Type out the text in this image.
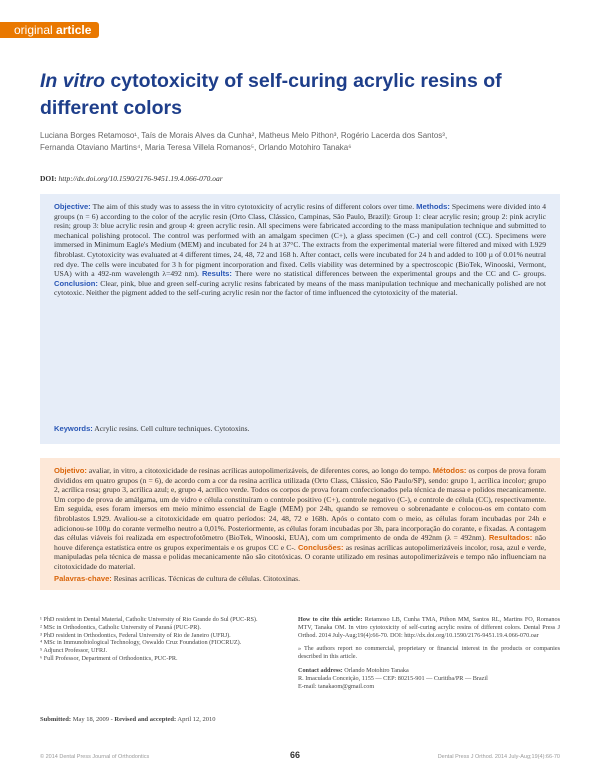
original article
In vitro cytotoxicity of self-curing acrylic resins of different colors
Luciana Borges Retamoso¹, Taís de Morais Alves da Cunha², Matheus Melo Pithon³, Rogério Lacerda dos Santos³,
Fernanda Otaviano Martins⁴, Maria Teresa Villela Romanos⁵, Orlando Motohiro Tanaka⁶
DOI: http://dx.doi.org/10.1590/2176-9451.19.4.066-070.oar

Objective: The aim of this study was to assess the in vitro cytotoxicity of acrylic resins of different colors over time. Methods: Specimens were divided into 4 groups (n = 6) according to the color of the acrylic resin (Orto Class, Clássico, Campinas, São Paulo, Brazil): Group 1: clear acrylic resin; group 2: pink acrylic resin; group 3: blue acrylic resin and group 4: green acrylic resin. All specimens were fabricated according to the mass manipulation technique and submitted to mechanical polishing protocol. The control was performed with an amalgam specimen (C+), a glass specimen (C-) and cell control (CC). Specimens were immersed in Minimum Eagle's Medium (MEM) and incubated for 24 h at 37°C. The extracts from the experimental material were filtered and mixed with L929 fibroblast. Cytotoxicity was evaluated at 4 different times, 24, 48, 72 and 168 h. After contact, cells were incubated for 24 h and added to 100 µ of 0.01% neutral red dye. The cells were incubated for 3 h for pigment incorporation and fixed. Cells viability was determined by a spectroscopic (BioTek, Winooski, Vermont, USA) with a 492-nm wavelength λ=492 nm). Results: There were no statistical differences between the experimental groups and the CC and C- groups. Conclusion: Clear, pink, blue and green self-curing acrylic resins fabricated by means of the mass manipulation technique and mechanically polished are not cytotoxic. Neither the pigment added to the self-curing acrylic resin nor the factor of time influenced the cytotoxicity of the material.

Keywords: Acrylic resins. Cell culture techniques. Cytotoxins.

Objetivo: avaliar, in vitro, a citotoxicidade de resinas acrílicas autopolimerizáveis, de diferentes cores, ao longo do tempo. Métodos: os corpos de prova foram divididos em quatro grupos (n = 6), de acordo com a cor da resina acrílica utilizada (Orto Class, Clássico, São Paulo/SP), sendo: grupo 1, acrílica incolor; grupo 2, acrílica rosa; grupo 3, acrílica azul; e, grupo 4, acrílico verde. Todos os corpos de prova foram confeccionados pela técnica de massa e polidos mecanicamente. Um corpo de prova de amálgama, um de vidro e célula constituíram o controle positivo (C+), controle negativo (C-), e controle de célula (CC), respectivamente. Em seguida, eses foram imersos em meio mínimo essencial de Eagle (MEM) por 24h, quando se removeu o sobrenadante e colocou-os em contato com fibroblastos L929. Avaliou-se a citotoxicidade em quatro períodos: 24, 48, 72 e 168h. Após o contato com o meio, as células foram incubadas por 24h e adicionou-se 100µ do corante vermelho neutro a 0,01%. Posteriormente, as células foram incubadas por 3h, para incorporação do corante, e fixadas. A contagem das células viáveis foi realizada em espectrofotômetro (BioTek, Winooski, EUA), com um comprimento de onda de 492nm (λ = 492nm). Resultados: não houve diferença estatística entre os grupos experimentais e os grupos CC e C-. Conclusões: as resinas acrílicas autopolimerizáveis incolor, rosa, azul e verde, manipuladas pela técnica de massa e polidas mecanicamente não são citotóxicas. O corante utilizado em resinas autopolimerizáveis e tempo não influenciam na citotoxicidade do material.

Palavras-chave: Resinas acrílicas. Técnicas de cultura de células. Citotoxinas.

¹ PhD resident in Dental Material, Catholic University of Rio Grande do Sul (PUC-RS).
² MSc in Orthodontics, Catholic University of Paraná (PUC-PR).
³ PhD resident in Orthodontics, Federal University of Rio de Janeiro (UFRJ).
⁴ MSc in Immunobiological Technology, Oswaldo Cruz Foundation (FIOCRUZ).
⁵ Adjunct Professor, UFRJ.
⁶ Full Professor, Department of Orthodontics, PUC-PR.
Submitted: May 18, 2009 - Revised and accepted: April 12, 2010
How to cite this article: Retamoso LB, Cunha TMA, Pithon MM, Santos RL, Martins FO, Romanos MTV, Tanaka OM. In vitro cytotoxicity of self-curing acrylic resins of different colors. Dental Press J Orthod. 2014 July-Aug;19(4):66-70. DOI: http://dx.doi.org/10.1590/2176-9451.19.4.066-070.oar
» The authors report no commercial, proprietary or financial interest in the products or companies described in this article.
Contact address: Orlando Motohiro Tanaka
R. Imaculada Conceição, 1155 — CEP: 80215-901 — Curitiba/PR — Brazil
E-mail: tanakaom@gmail.com
© 2014 Dental Press Journal of Orthodontics	66	Dental Press J Orthod. 2014 July-Aug;19(4):66-70
